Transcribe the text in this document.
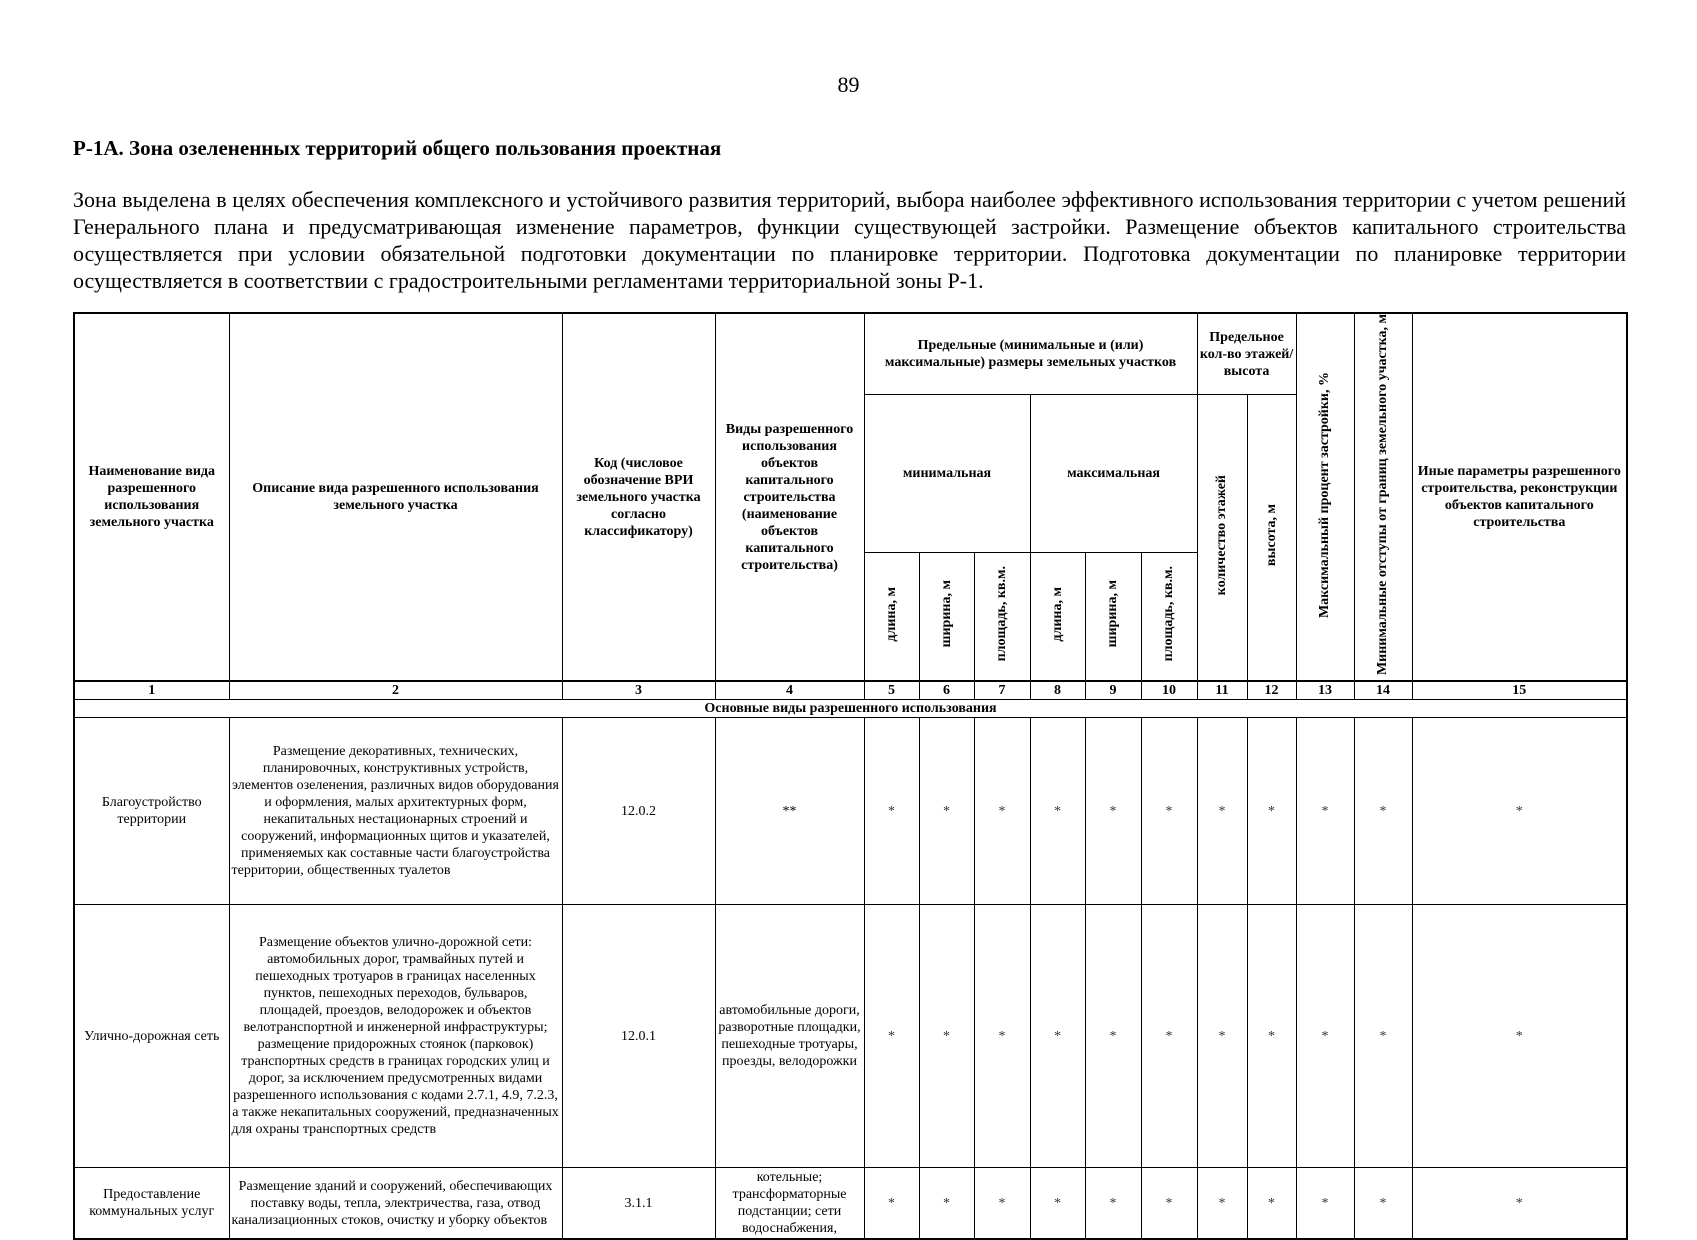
89
Р-1А. Зона озелененных территорий общего пользования проектная
Зона выделена в целях обеспечения комплексного и устойчивого развития территорий, выбора наиболее эффективного использования территории с учетом решений Генерального плана и предусматривающая изменение параметров, функции существующей застройки. Размещение объектов капитального строительства осуществляется при условии обязательной подготовки документации по планировке территории. Подготовка документации по планировке территории осуществляется в соответствии с градостроительными регламентами территориальной зоны Р-1.
Наименование вида разрешенного использования земельного участка	Описание вида разрешенного использования земельного участка	Код (числовое обозначение ВРИ земельного участка согласно классификатору)	Виды разрешенного использования объектов капитального строительства (наименование объектов капитального строительства)	Предельные (минимальные и (или) максимальные) размеры земельных участков						Предельное кол-во этажей/ высота		Максимальный процент застройки, %	Минимальные отступы от границ земельного участка, м	Иные параметры разрешенного строительства, реконструкции объектов капитального строительства
				минимальная			максимальная			количество этажей	высота, м			
				длина, м	ширина, м	площадь, кв.м.	длина, м	ширина, м	площадь, кв.м.					
1	2	3	4	5	6	7	8	9	10	11	12	13	14	15
Основные виды разрешенного использования														
Благоустройство территории	Размещение декоративных, технических, планировочных, конструктивных устройств, элементов озеленения, различных видов оборудования и оформления, малых архитектурных форм, некапитальных нестационарных строений и сооружений, информационных щитов и указателей, применяемых как составные части благоустройства территории, общественных туалетов	12.0.2	**	*	*	*	*	*	*	*	*	*	*	*
Улично-дорожная сеть	Размещение объектов улично-дорожной сети: автомобильных дорог, трамвайных путей и пешеходных тротуаров в границах населенных пунктов, пешеходных переходов, бульваров, площадей, проездов, велодорожек и объектов велотранспортной и инженерной инфраструктуры; размещение придорожных стоянок (парковок) транспортных средств в границах городских улиц и дорог, за исключением предусмотренных видами разрешенного использования с кодами 2.7.1, 4.9, 7.2.3, а также некапитальных сооружений, предназначенных для охраны транспортных средств	12.0.1	автомобильные дороги, разворотные площадки, пешеходные тротуары, проезды, велодорожки	*	*	*	*	*	*	*	*	*	*	*
Предоставление коммунальных услуг	Размещение зданий и сооружений, обеспечивающих поставку воды, тепла, электричества, газа, отвод канализационных стоков, очистку и уборку объектов	3.1.1	котельные; трансформаторные подстанции; сети водоснабжения,	*	*	*	*	*	*	*	*	*	*	*
